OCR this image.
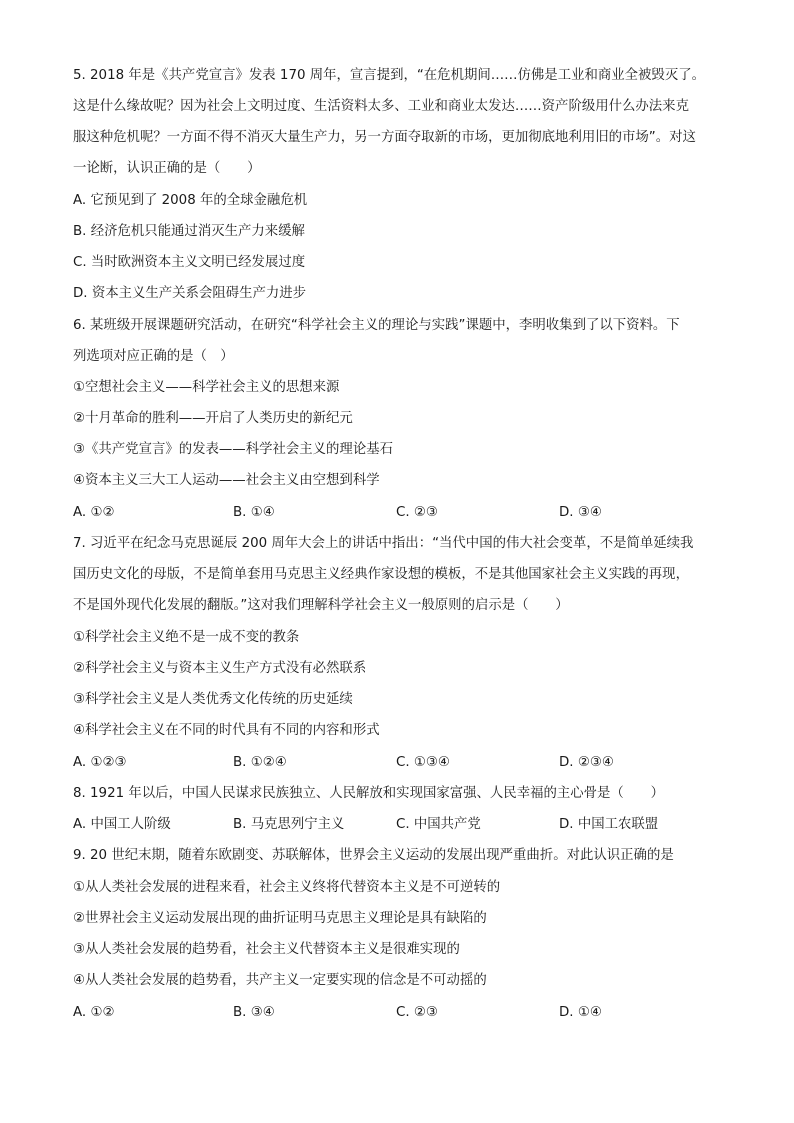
5. 2018 年是《共产党宣言》发表 170 周年，宣言提到，“在危机期间……仿佛是工业和商业全被毁灭了。
这是什么缘故呢？因为社会上文明过度、生活资料太多、工业和商业太发达……资产阶级用什么办法来克
服这种危机呢？一方面不得不消灭大量生产力，另一方面夺取新的市场，更加彻底地利用旧的市场”。对这
一论断，认识正确的是（　　）
A. 它预见到了 2008 年的全球金融危机
B. 经济危机只能通过消灭生产力来缓解
C. 当时欧洲资本主义文明已经发展过度
D. 资本主义生产关系会阻碍生产力进步
6. 某班级开展课题研究活动，在研究“科学社会主义的理论与实践”课题中，李明收集到了以下资料。下
列选项对应正确的是（　）
①空想社会主义——科学社会主义的思想来源
②十月革命的胜利——开启了人类历史的新纪元
③《共产党宣言》的发表——科学社会主义的理论基石
④资本主义三大工人运动——社会主义由空想到科学
A. ①②	B. ①④	C. ②③	D. ③④
7. 习近平在纪念马克思诞辰 200 周年大会上的讲话中指出：“当代中国的伟大社会变革，不是简单延续我
国历史文化的母版，不是简单套用马克思主义经典作家设想的模板，不是其他国家社会主义实践的再现，
不是国外现代化发展的翻版。”这对我们理解科学社会主义一般原则的启示是（　　）
①科学社会主义绝不是一成不变的教条
②科学社会主义与资本主义生产方式没有必然联系
③科学社会主义是人类优秀文化传统的历史延续
④科学社会主义在不同的时代具有不同的内容和形式
A. ①②③	B. ①②④	C. ①③④	D. ②③④
8. 1921 年以后，中国人民谋求民族独立、人民解放和实现国家富强、人民幸福的主心骨是（　　）
A. 中国工人阶级	B. 马克思列宁主义	C. 中国共产党	D. 中国工农联盟
9. 20 世纪末期，随着东欧剧变、苏联解体，世界会主义运动的发展出现严重曲折。对此认识正确的是
①从人类社会发展的进程来看，社会主义终将代替资本主义是不可逆转的
②世界社会主义运动发展出现的曲折证明马克思主义理论是具有缺陷的
③从人类社会发展的趋势看，社会主义代替资本主义是很难实现的
④从人类社会发展的趋势看，共产主义一定要实现的信念是不可动摇的
A. ①②	B. ③④	C. ②③	D. ①④
